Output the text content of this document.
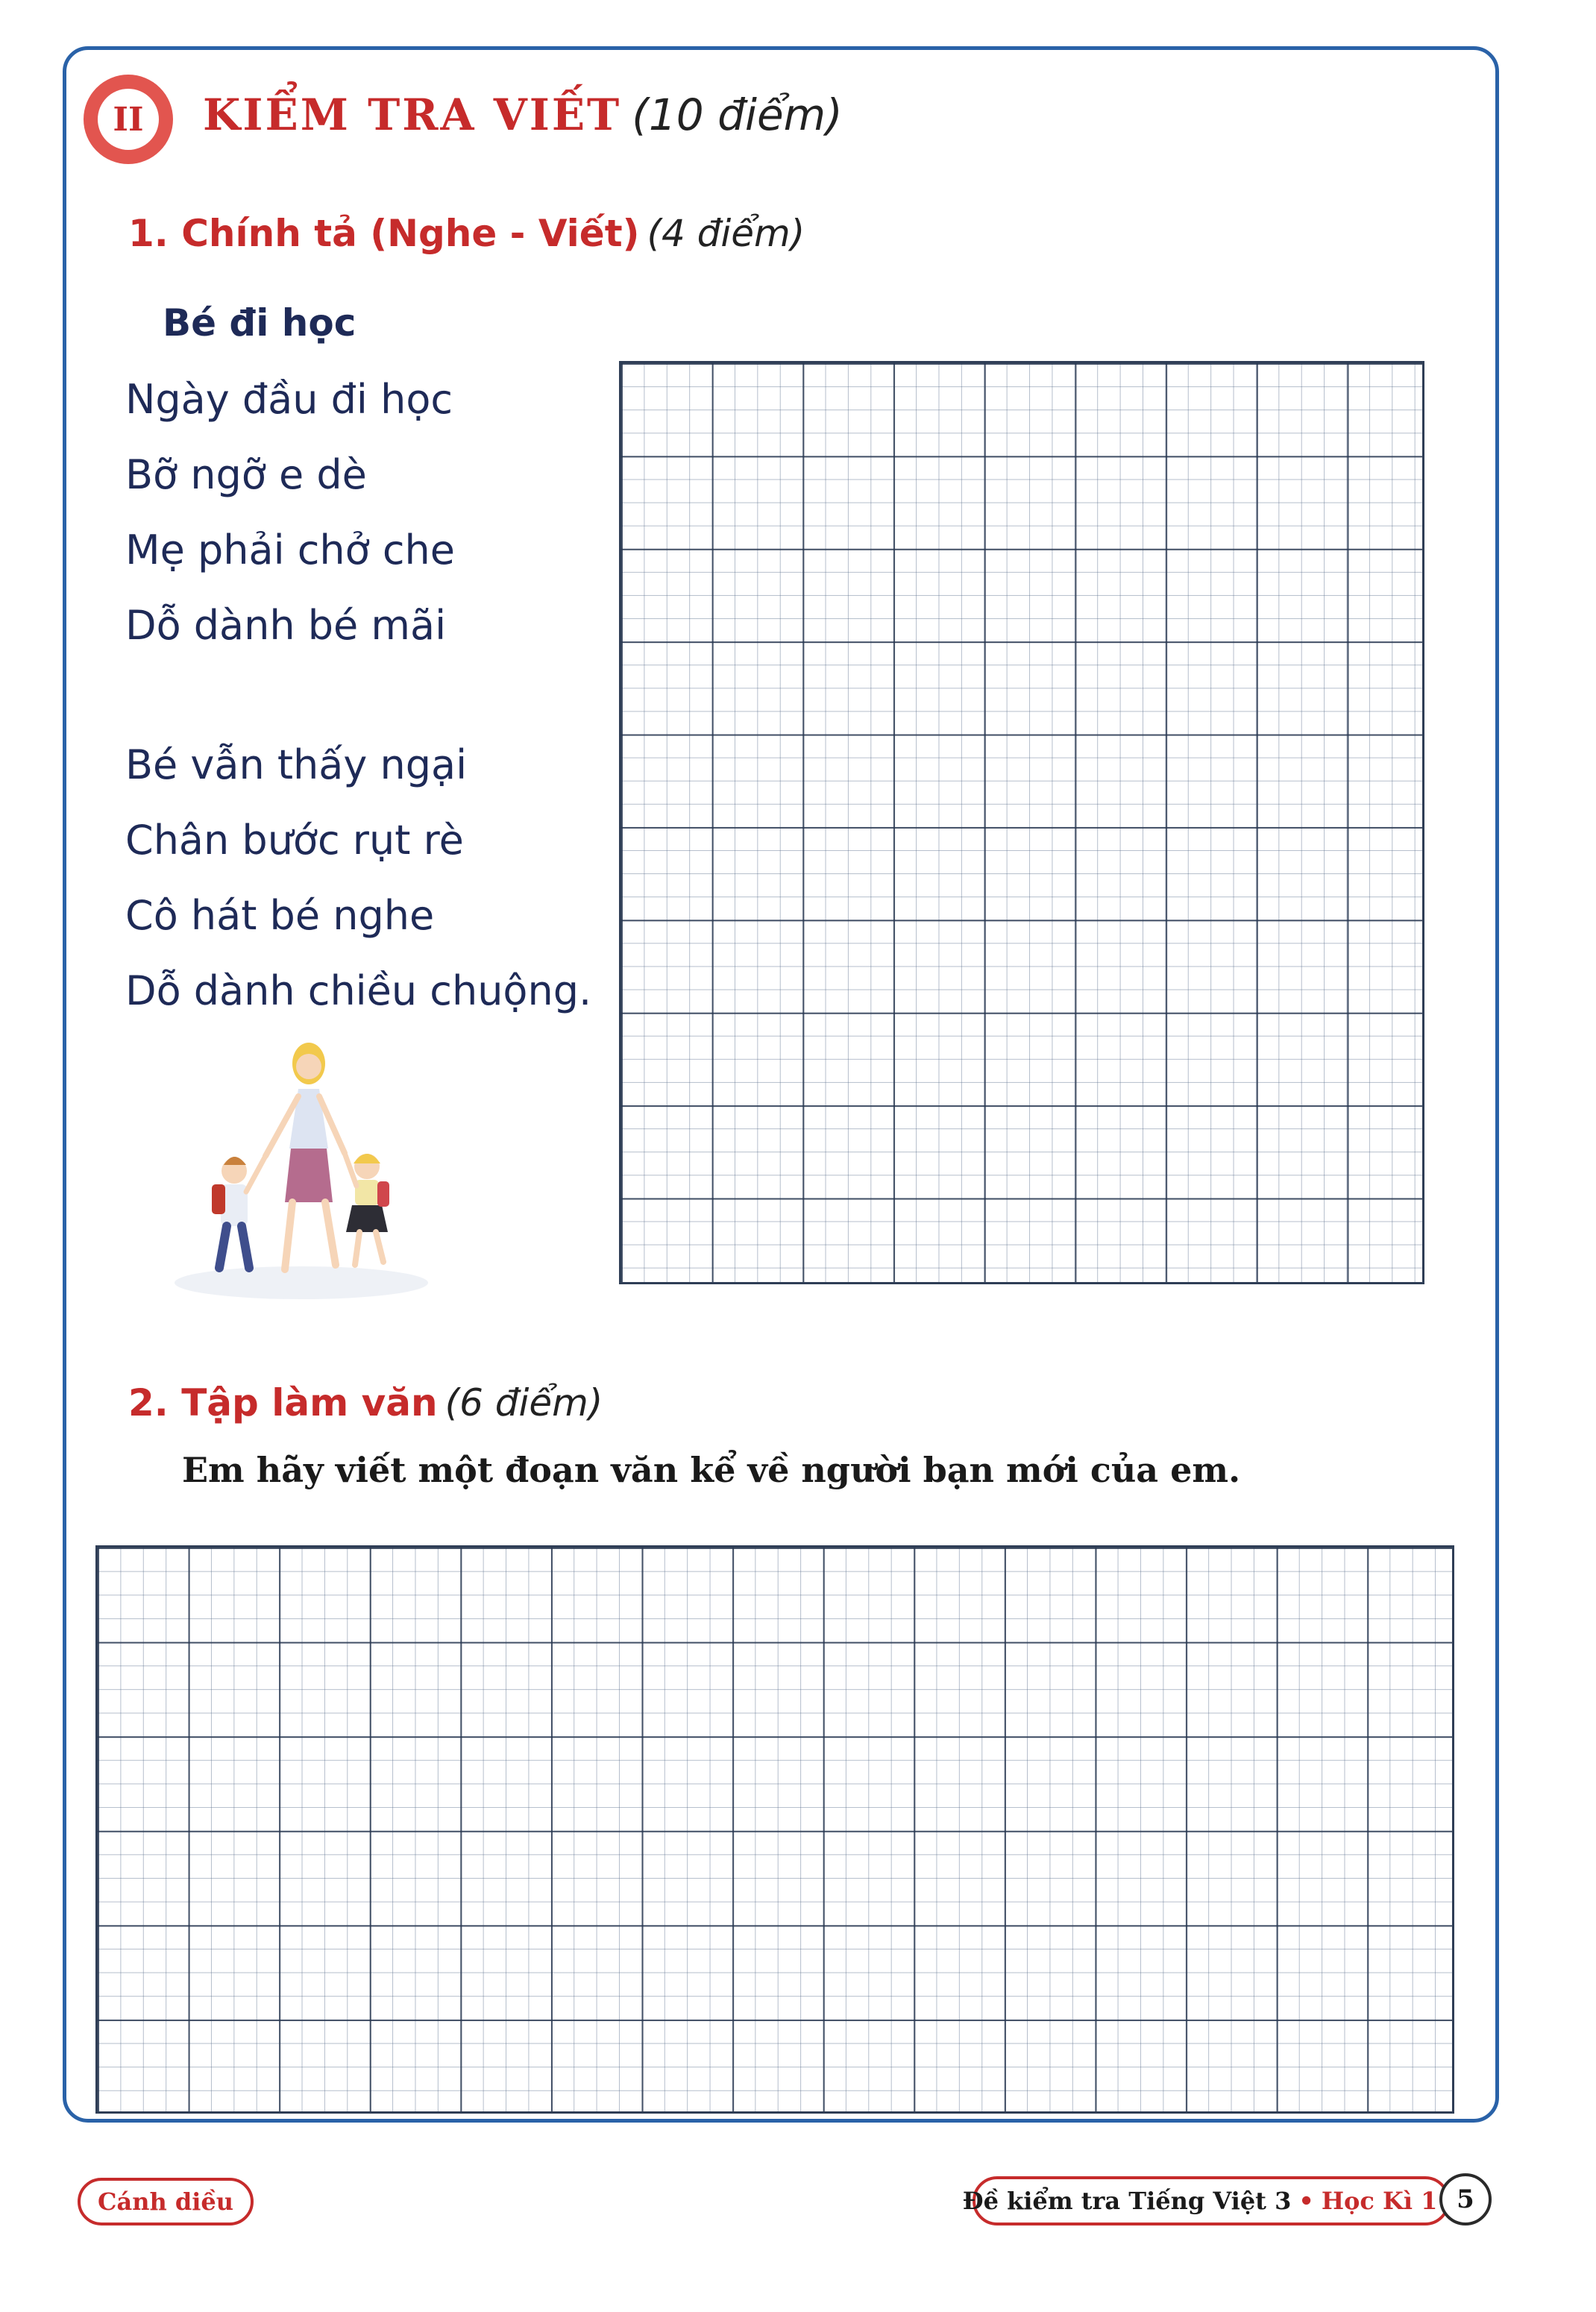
II	KIỂM TRA VIẾT (10 điểm)
1. Chính tả (Nghe - Viết) (4 điểm)
Bé đi học
Ngày đầu đi học
Bỡ ngỡ e dè
Mẹ phải chở che
Dỗ dành bé mãi
Bé vẫn thấy ngại
Chân bước rụt rè
Cô hát bé nghe
Dỗ dành chiều chuộng.
2. Tập làm văn (6 điểm)
Em hãy viết một đoạn văn kể về người bạn mới của em.
Cánh diều	Đề kiểm tra Tiếng Việt 3 • Học Kì 1 5
